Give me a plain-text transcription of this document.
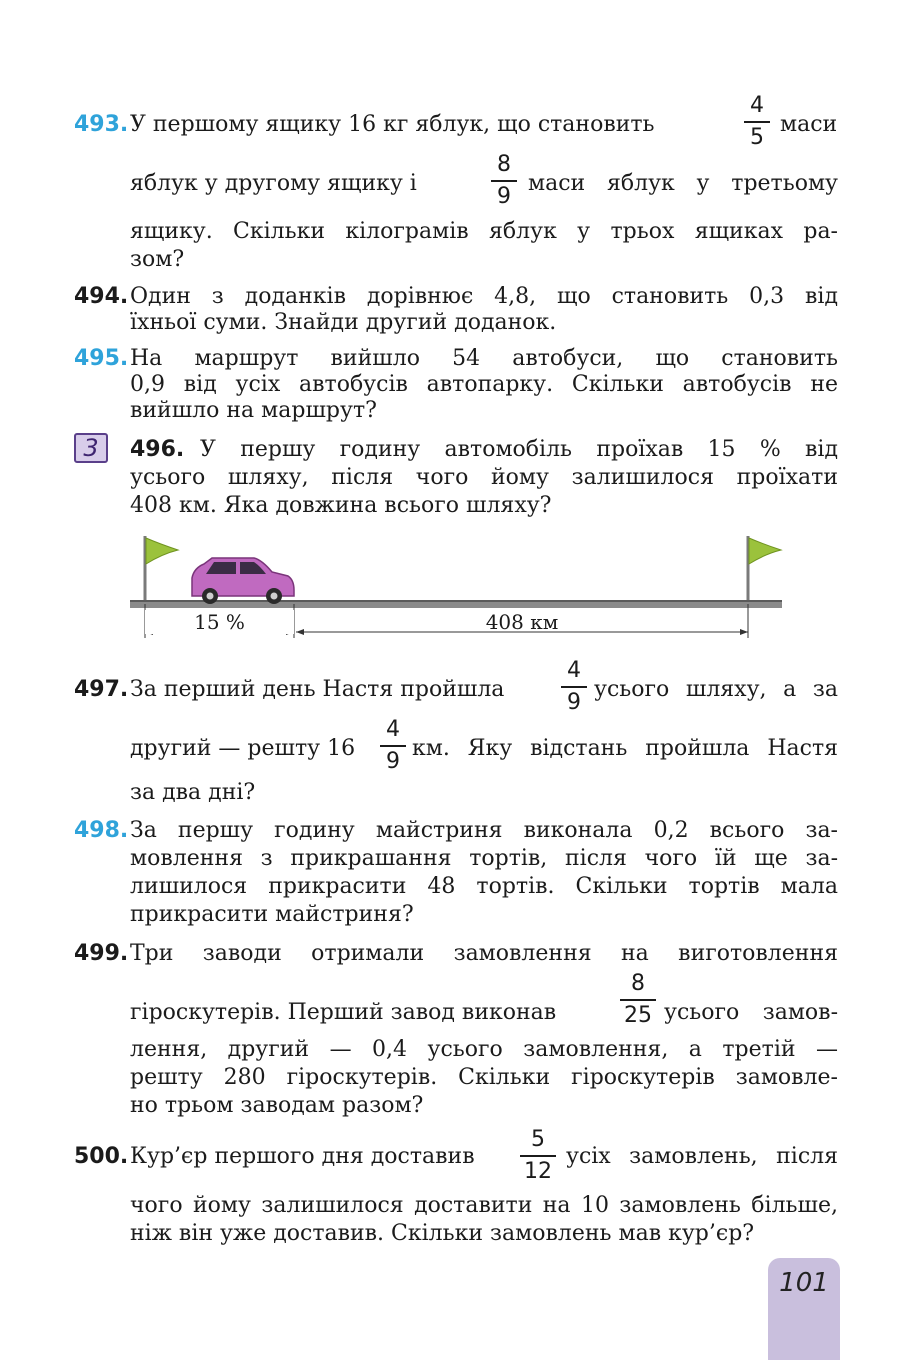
493. У першому ящику 16 кг яблук, що становить
4
5 маси
яблук у другому ящику і
8
9 маси яблук у третьому
ящику. Скільки кілограмів яблук у трьох ящиках ра-
зом?
494. Один з доданків дорівнює 4,8, що становить 0,3 від
їхньої суми. Знайди другий доданок.
495. На маршрут вийшло 54 автобуси, що становить
0,9 від усіх автобусів автопарку. Скільки автобусів не
вийшло на маршрут?
3	496. У першу годину автомобіль проїхав 15 % від
усього шляху, після чого йому залишилося проїхати
408 км. Яка довжина всього шляху?
15 %	408 км
497. За перший день Настя пройшла
4
9 усього шляху, а за
другий — решту 16
4
9 км. Яку відстань пройшла Настя
за два дні?
498. За першу годину майстриня виконала 0,2 всього за-
мовлення з прикрашання тортів, після чого їй ще за-
лишилося прикрасити 48 тортів. Скільки тортів мала
прикрасити майстриня?
499. Три заводи отримали замовлення на виготовлення
гіроскутерів. Перший завод виконав
8
25 усього замов-
лення, другий — 0,4 усього замовлення, а третій —
решту 280 гіроскутерів. Скільки гіроскутерів замовле-
но трьом заводам разом?
500. Кур’єр першого дня доставив
5
12
усіх замовлень, після
чого йому залишилося доставити на 10 замовлень більше,
ніж він уже доставив. Скільки замовлень мав кур’єр?
101
